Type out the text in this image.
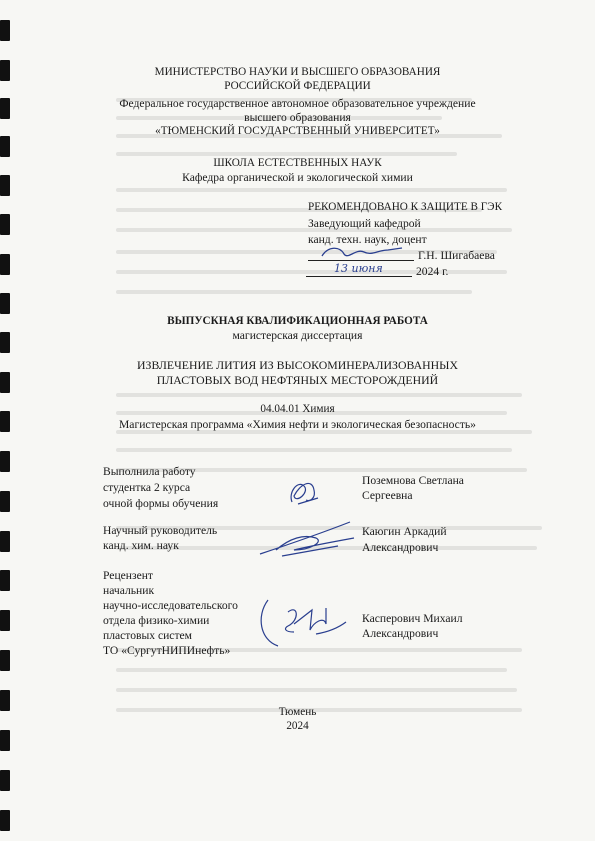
МИНИСТЕРСТВО НАУКИ И ВЫСШЕГО ОБРАЗОВАНИЯ
РОССИЙСКОЙ ФЕДЕРАЦИИ
Федеральное государственное автономное образовательное учреждение
высшего образования
«ТЮМЕНСКИЙ ГОСУДАРСТВЕННЫЙ УНИВЕРСИТЕТ»
ШКОЛА ЕСТЕСТВЕННЫХ НАУК
Кафедра органической и экологической химии
РЕКОМЕНДОВАНО К ЗАЩИТЕ В ГЭК
Заведующий кафедрой
канд. техн. наук, доцент
Г.Н. Шигабаева
13 июня	2024 г.
ВЫПУСКНАЯ КВАЛИФИКАЦИОННАЯ РАБОТА
магистерская диссертация
ИЗВЛЕЧЕНИЕ ЛИТИЯ ИЗ ВЫСОКОМИНЕРАЛИЗОВАННЫХ
ПЛАСТОВЫХ ВОД НЕФТЯНЫХ МЕСТОРОЖДЕНИЙ
04.04.01 Химия
Магистерская программа «Химия нефти и экологическая безопасность»
Выполнила работу
студентка 2 курса
очной формы обучения
Поземнова Светлана
Сергеевна
Научный руководитель
канд. хим. наук
Каюгин Аркадий
Александрович
Рецензент
начальник
научно-исследовательского
отдела физико-химии
пластовых систем
ТО «СургутНИПИнефть»
Касперович Михаил
Александрович
Тюмень
2024
